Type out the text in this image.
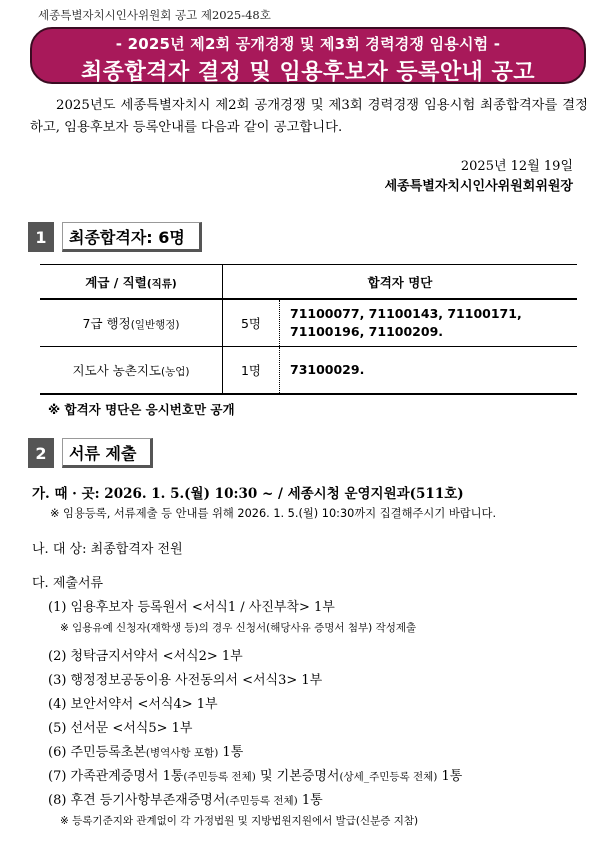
세종특별자치시인사위원회 공고 제2025-48호
- 2025년 제2회 공개경쟁 및 제3회 경력경쟁 임용시험 -
최종합격자 결정 및 임용후보자 등록안내 공고
2025년도 세종특별자치시 제2회 공개경쟁 및 제3회 경력경쟁 임용시험 최종합격자를 결정하고, 임용후보자 등록안내를 다음과 같이 공고합니다.
2025년 12월 19일
세종특별자치시인사위원회위원장
1	최종합격자: 6명
계급 / 직렬(직류)	합격자 명단	
7급 행정(일반행정)	5명	71100077, 71100143, 71100171, 71100196, 71100209.
지도사 농촌지도(농업)	1명	73100029.
※ 합격자 명단은 응시번호만 공개
2	서류 제출
가. 때 · 곳: 2026. 1. 5.(월) 10:30 ~ / 세종시청 운영지원과(511호)
※ 임용등록, 서류제출 등 안내를 위해 2026. 1. 5.(월) 10:30까지 집결해주시기 바랍니다.
나. 대 상: 최종합격자 전원
다. 제출서류
(1) 임용후보자 등록원서 <서식1 / 사진부착> 1부
※ 임용유예 신청자(재학생 등)의 경우 신청서(해당사유 증명서 첨부) 작성제출
(2) 청탁금지서약서 <서식2> 1부
(3) 행정정보공동이용 사전동의서 <서식3> 1부
(4) 보안서약서 <서식4> 1부
(5) 선서문 <서식5> 1부
(6) 주민등록초본(병역사항 포함) 1통
(7) 가족관계증명서 1통(주민등록 전체) 및 기본증명서(상세_주민등록 전체) 1통
(8) 후견 등기사항부존재증명서(주민등록 전체) 1통
※ 등록기준지와 관계없이 각 가정법원 및 지방법원지원에서 발급(신분증 지참)
